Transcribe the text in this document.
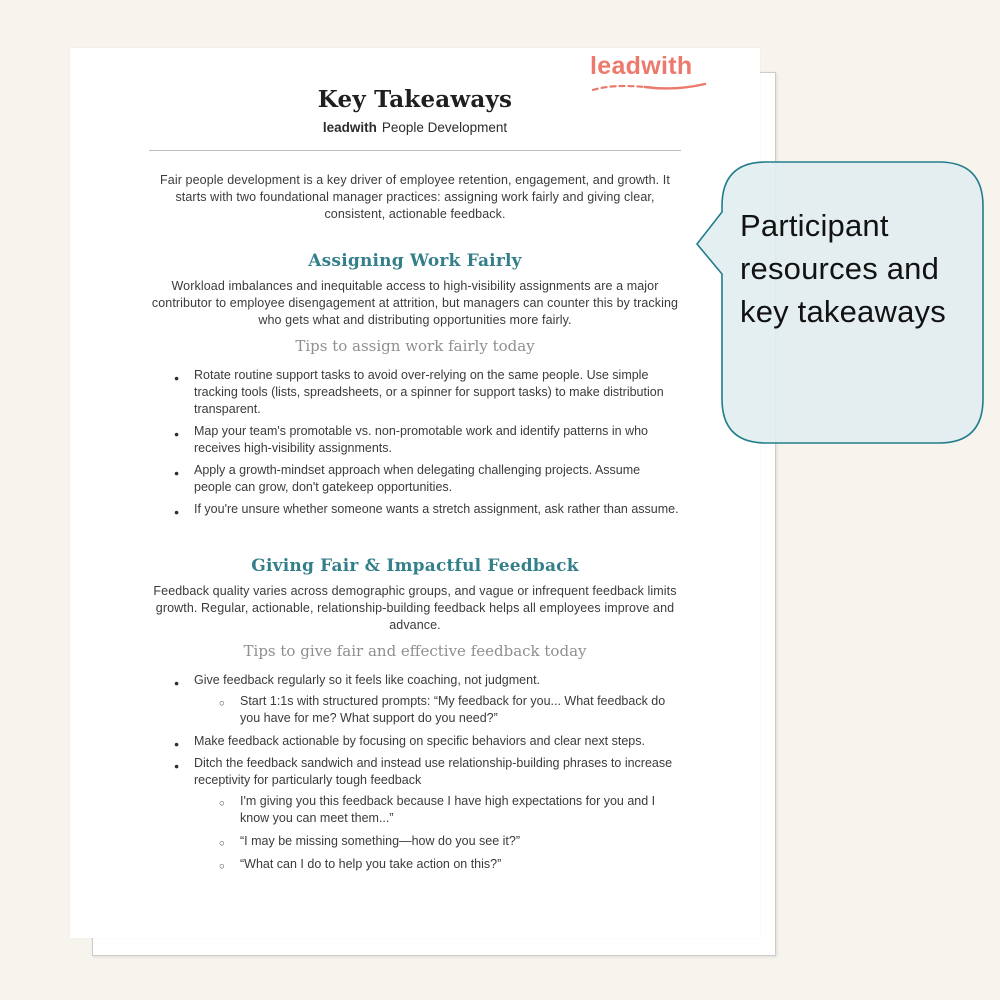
leadwith
Key Takeaways
leadwith People Development

Fair people development is a key driver of employee retention, engagement, and growth. It starts with two foundational manager practices: assigning work fairly and giving clear, consistent, actionable feedback.

Assigning Work Fairly

Workload imbalances and inequitable access to high-visibility assignments are a major contributor to employee disengagement at attrition, but managers can counter this by tracking who gets what and distributing opportunities more fairly.

Tips to assign work fairly today
● Rotate routine support tasks to avoid over-relying on the same people. Use simple tracking tools (lists, spreadsheets, or a spinner for support tasks) to make distribution transparent.
● Map your team's promotable vs. non-promotable work and identify patterns in who receives high-visibility assignments.
● Apply a growth-mindset approach when delegating challenging projects. Assume people can grow, don't gatekeep opportunities.
● If you're unsure whether someone wants a stretch assignment, ask rather than assume.
Giving Fair & Impactful Feedback

Feedback quality varies across demographic groups, and vague or infrequent feedback limits growth. Regular, actionable, relationship-building feedback helps all employees improve and advance.

Tips to give fair and effective feedback today
● Give feedback regularly so it feels like coaching, not judgment.
○ Start 1:1s with structured prompts: “My feedback for you... What feedback do you have for me? What support do you need?”
● Make feedback actionable by focusing on specific behaviors and clear next steps.
● Ditch the feedback sandwich and instead use relationship-building phrases to increase receptivity for particularly tough feedback
○ I'm giving you this feedback because I have high expectations for you and I know you can meet them...”
○ “I may be missing something—how do you see it?”
○ “What can I do to help you take action on this?”
Participant resources and key takeaways
